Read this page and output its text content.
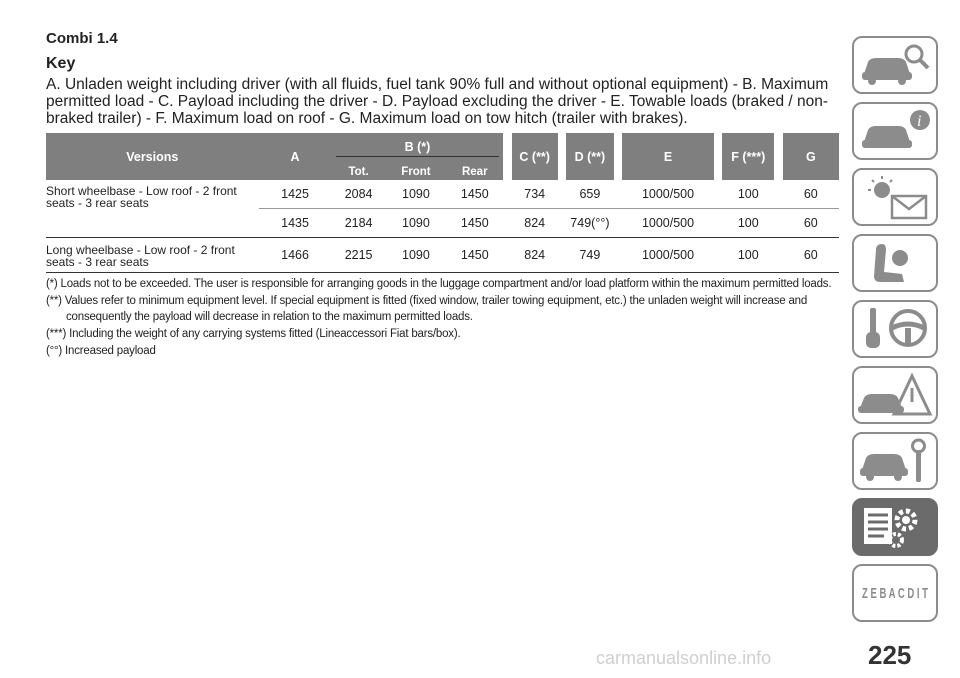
Combi 1.4
Key

A. Unladen weight including driver (with all fluids, fuel tank 90% full and without optional equipment) - B. Maximum permitted load - C. Payload including the driver - D. Payload excluding the driver - E. Towable loads (braked / non-braked trailer) - F. Maximum load on roof - G. Maximum load on tow hitch (trailer with brakes).

Versions	A	B (*)				C (**)		D (**)		E		F (***)		G
		Tot.	Front	Rear										
Short wheelbase - Low roof - 2 front seats - 3 rear seats	1425	2084	1090	1450		734		659		1000/500		100		60
	1435	2184	1090	1450		824		749(°°)		1000/500		100		60
Long wheelbase - Low roof - 2 front seats - 3 rear seats	1466	2215	1090	1450		824		749		1000/500		100		60

(*) Loads not to be exceeded. The user is responsible for arranging goods in the luggage compartment and/or load platform within the maximum permitted loads.

(**) Values refer to minimum equipment level. If special equipment is fitted (fixed window, trailer towing equipment, etc.) the unladen weight will increase and consequently the payload will decrease in relation to the maximum permitted loads.

(***) Including the weight of any carrying systems fitted (Lineaccessori Fiat bars/box).

(°°) Increased payload

i
Z E B A C D I T
carmanualsonline.info	225
